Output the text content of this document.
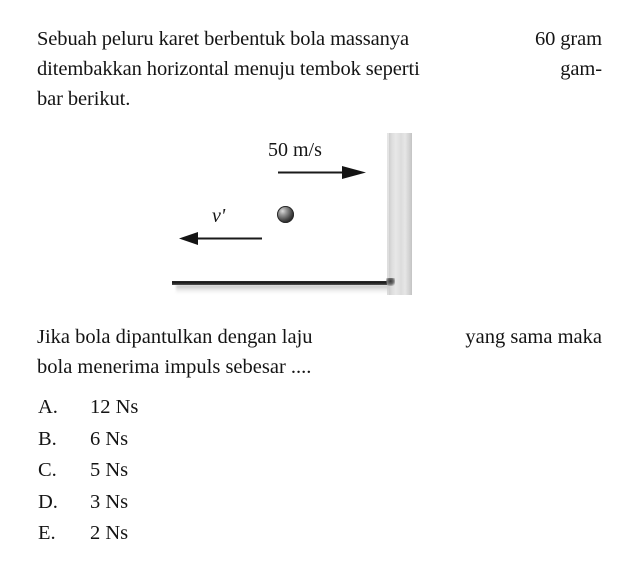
Sebuah peluru karet berbentuk bola massanya	60 gram
ditembakkan horizontal menuju tembok seperti	gam-
bar berikut.
50 m/s
v'
Jika bola dipantulkan dengan laju	yang sama maka
bola menerima impuls sebesar ....
A.	12 Ns
B.	6 Ns
C.	5 Ns
D.	3 Ns
E.	2 Ns
